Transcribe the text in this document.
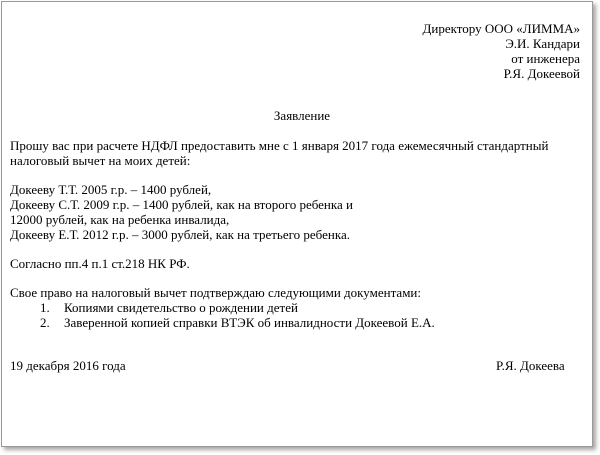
Директору ООО «ЛИММА»
Э.И. Кандари
от инженера
Р.Я. Докеевой
Заявление
Прошу вас при расчете НДФЛ предоставить мне с 1 января 2017 года ежемесячный стандартный
налоговый вычет на моих детей:
Докееву Т.Т. 2005 г.р. – 1400 рублей,
Докееву С.Т. 2009 г.р. – 1400 рублей, как на второго ребенка и
12000 рублей, как на ребенка инвалида,
Докееву Е.Т. 2012 г.р. – 3000 рублей, как на третьего ребенка.
Согласно пп.4 п.1 ст.218 НК РФ.
Свое право на налоговый вычет подтверждаю следующими документами:
1. Копиями свидетельство о рождении детей
2. Заверенной копией справки ВТЭК об инвалидности Докеевой Е.А.
19 декабря 2016 года	Р.Я. Докеева
